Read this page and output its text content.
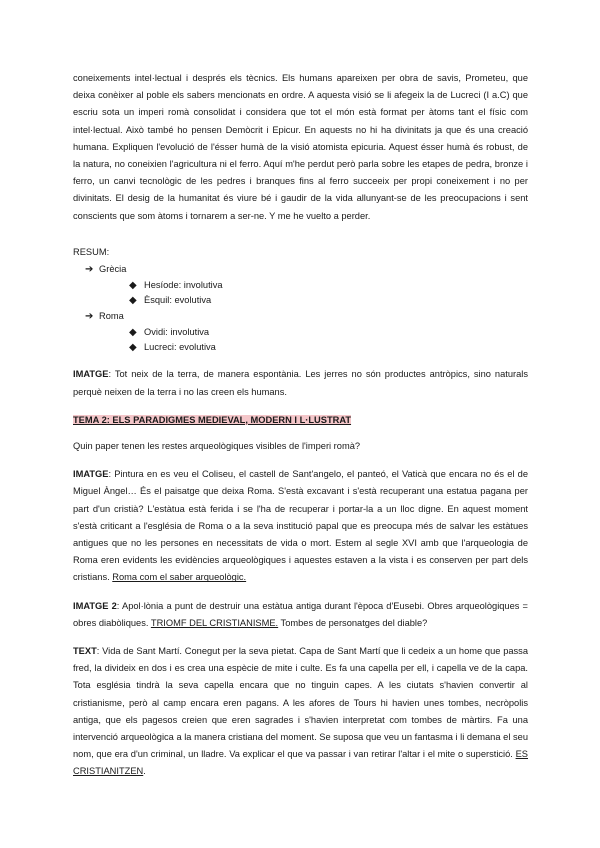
coneixements intel·lectual i després els tècnics. Els humans apareixen per obra de savis, Prometeu, que deixa conèixer al poble els sabers mencionats en ordre. A aquesta visió se li afegeix la de Lucreci (I a.C) que escriu sota un imperi romà consolidat i considera que tot el món està format per àtoms tant el físic com intel·lectual. Això també ho pensen Demòcrit i Epicur. En aquests no hi ha divinitats ja que és una creació humana. Expliquen l'evolució de l'ésser humà de la visió atomista epicuria. Aquest ésser humà és robust, de la natura, no coneixien l'agricultura ni el ferro. Aquí m'he perdut però parla sobre les etapes de pedra, bronze i ferro, un canvi tecnològic de les pedres i branques fins al ferro succeeix per propi coneixement i no per divinitats. El desig de la humanitat és viure bé i gaudir de la vida allunyant-se de les preocupacions i sent conscients que som àtoms i tornarem a ser-ne. Y me he vuelto a perder.

RESUM:

➔ Grècia
◆ Hesíode: involutiva
◆ Èsquil: evolutiva
➔ Roma
◆ Ovidi: involutiva
◆ Lucreci: evolutiva

IMATGE: Tot neix de la terra, de manera espontània. Les jerres no són productes antròpics, sino naturals perquè neixen de la terra i no las creen els humans.

TEMA 2: ELS PARADIGMES MEDIEVAL, MODERN I L·LUSTRAT

Quin paper tenen les restes arqueològiques visibles de l'imperi romà?

IMATGE: Pintura en es veu el Coliseu, el castell de Sant'angelo, el panteó, el Vaticà que encara no és el de Miguel Àngel… És el paisatge que deixa Roma. S'està excavant i s'està recuperant una estatua pagana per part d'un cristià? L'estàtua està ferida i se l'ha de recuperar i portar-la a un lloc digne. En aquest moment s'està criticant a l'església de Roma o a la seva institució papal que es preocupa més de salvar les estàtues antigues que no les persones en necessitats de vida o mort. Estem al segle XVI amb que l'arqueologia de Roma eren evidents les evidències arqueològiques i aquestes estaven a la vista i es conserven per part dels cristians. Roma com el saber arqueològic.

IMATGE 2: Apol·lònia a punt de destruir una estàtua antiga durant l'època d'Eusebi. Obres arqueològiques = obres diabòliques. TRIOMF DEL CRISTIANISME. Tombes de personatges del diable?

TEXT: Vida de Sant Martí. Conegut per la seva pietat. Capa de Sant Martí que li cedeix a un home que passa fred, la divideix en dos i es crea una espècie de mite i culte. Es fa una capella per ell, i capella ve de la capa. Tota església tindrà la seva capella encara que no tinguin capes. A les ciutats s'havien convertir al cristianisme, però al camp encara eren pagans. A les afores de Tours hi havien unes tombes, necròpolis antiga, que els pagesos creien que eren sagrades i s'havien interpretat com tombes de màrtirs. Fa una intervenció arqueològica a la manera cristiana del moment. Se suposa que veu un fantasma i li demana el seu nom, que era d'un criminal, un lladre. Va explicar el que va passar i van retirar l'altar i el mite o superstició. ES CRISTIANITZEN.
